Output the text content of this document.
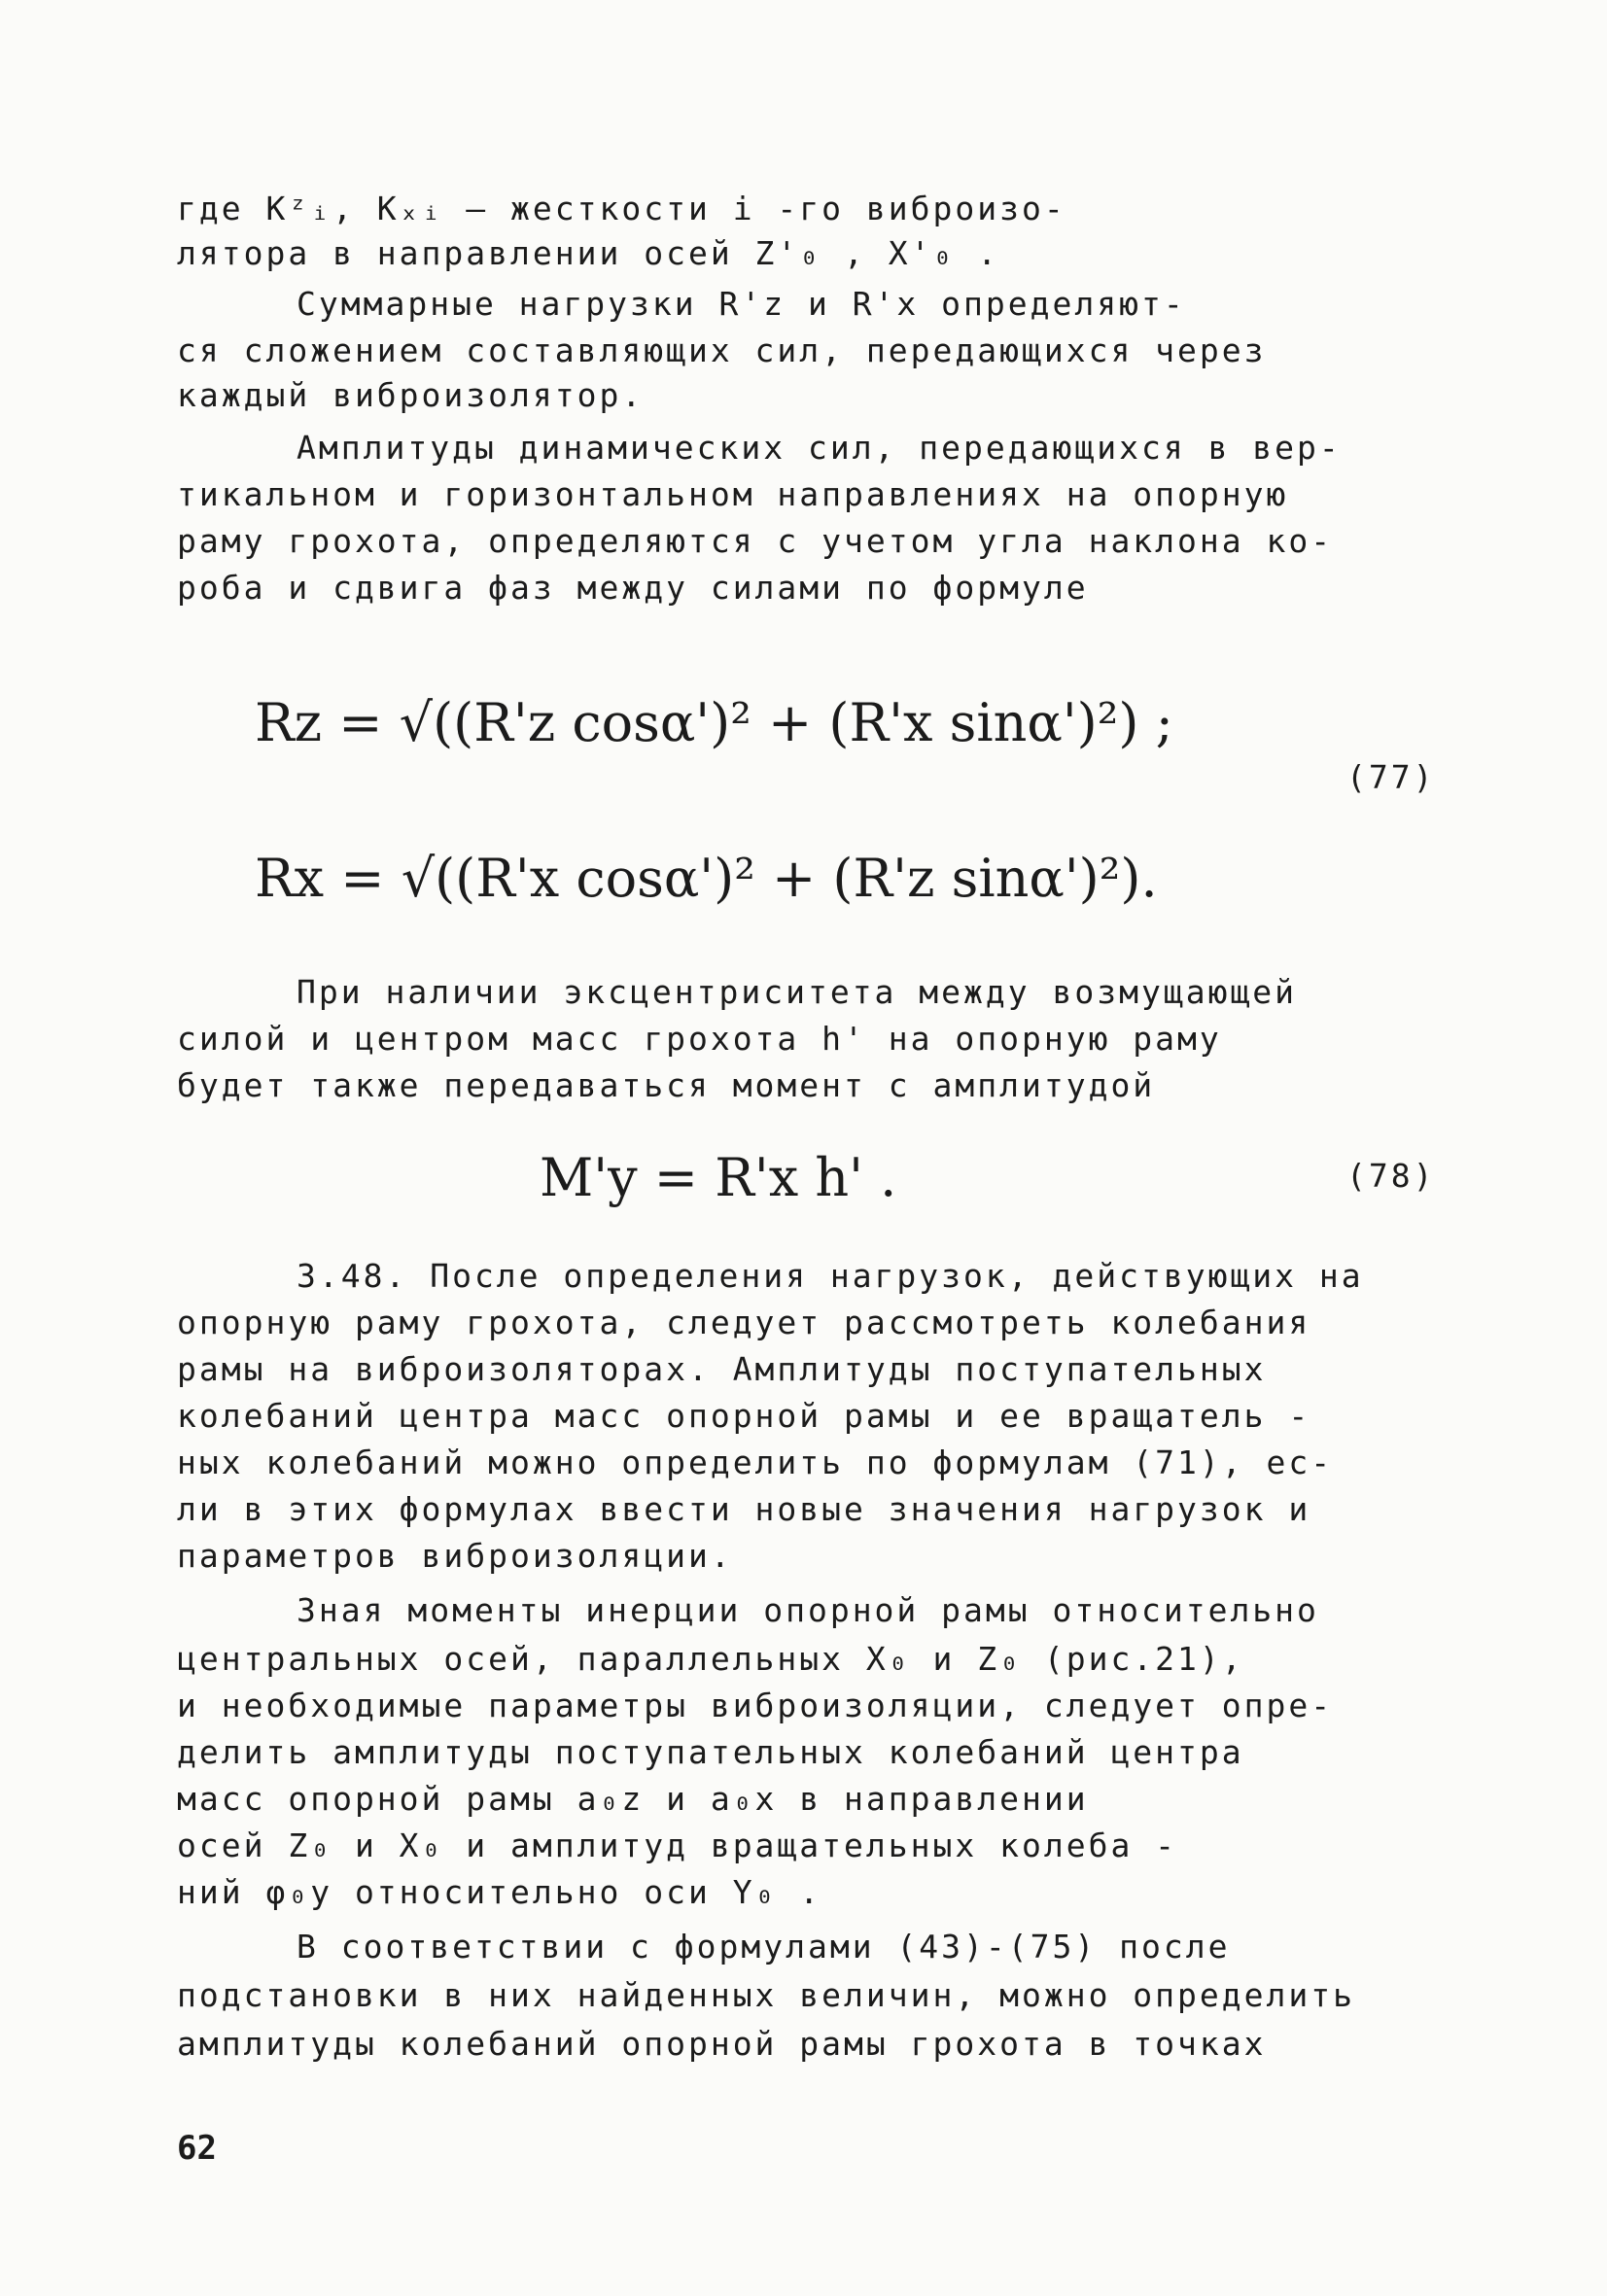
где Kᶻᵢ, Kₓᵢ — жесткости i -го виброизо-
лятора в направлении осей Z'₀ , X'₀ .
Суммарные нагрузки R'z и R'x определяют-
ся сложением составляющих сил, передающихся через
каждый виброизолятор.
Амплитуды динамических сил, передающихся в вер-
тикальном и горизонтальном направлениях на опорную
раму грохота, определяются с учетом угла наклона ко-
роба и сдвига фаз между силами по формуле
Rz = √((R'z cosα')² + (R'x sinα')²) ;
Rx = √((R'x cosα')² + (R'z sinα')²).
(77)
При наличии эксцентриситета между возмущающей
силой и центром масс грохота h' на опорную раму
будет также передаваться момент с амплитудой
M'y = R'x h' .	(78)
3.48. После определения нагрузок, действующих на
опорную раму грохота, следует рассмотреть колебания
рамы на виброизоляторах. Амплитуды поступательных
колебаний центра масс опорной рамы и ее вращатель -
ных колебаний можно определить по формулам (71), ес-
ли в этих формулах ввести новые значения нагрузок и
параметров виброизоляции.
Зная моменты инерции опорной рамы относительно
центральных осей, параллельных X₀ и Z₀ (рис.21),
и необходимые параметры виброизоляции, следует опре-
делить амплитуды поступательных колебаний центра
масс опорной рамы a₀z и a₀x в направлении
осей Z₀ и X₀ и амплитуд вращательных колеба -
ний φ₀y относительно оси Y₀ .
В соответствии с формулами (43)-(75) после
подстановки в них найденных величин, можно определить
амплитуды колебаний опорной рамы грохота в точках
62
